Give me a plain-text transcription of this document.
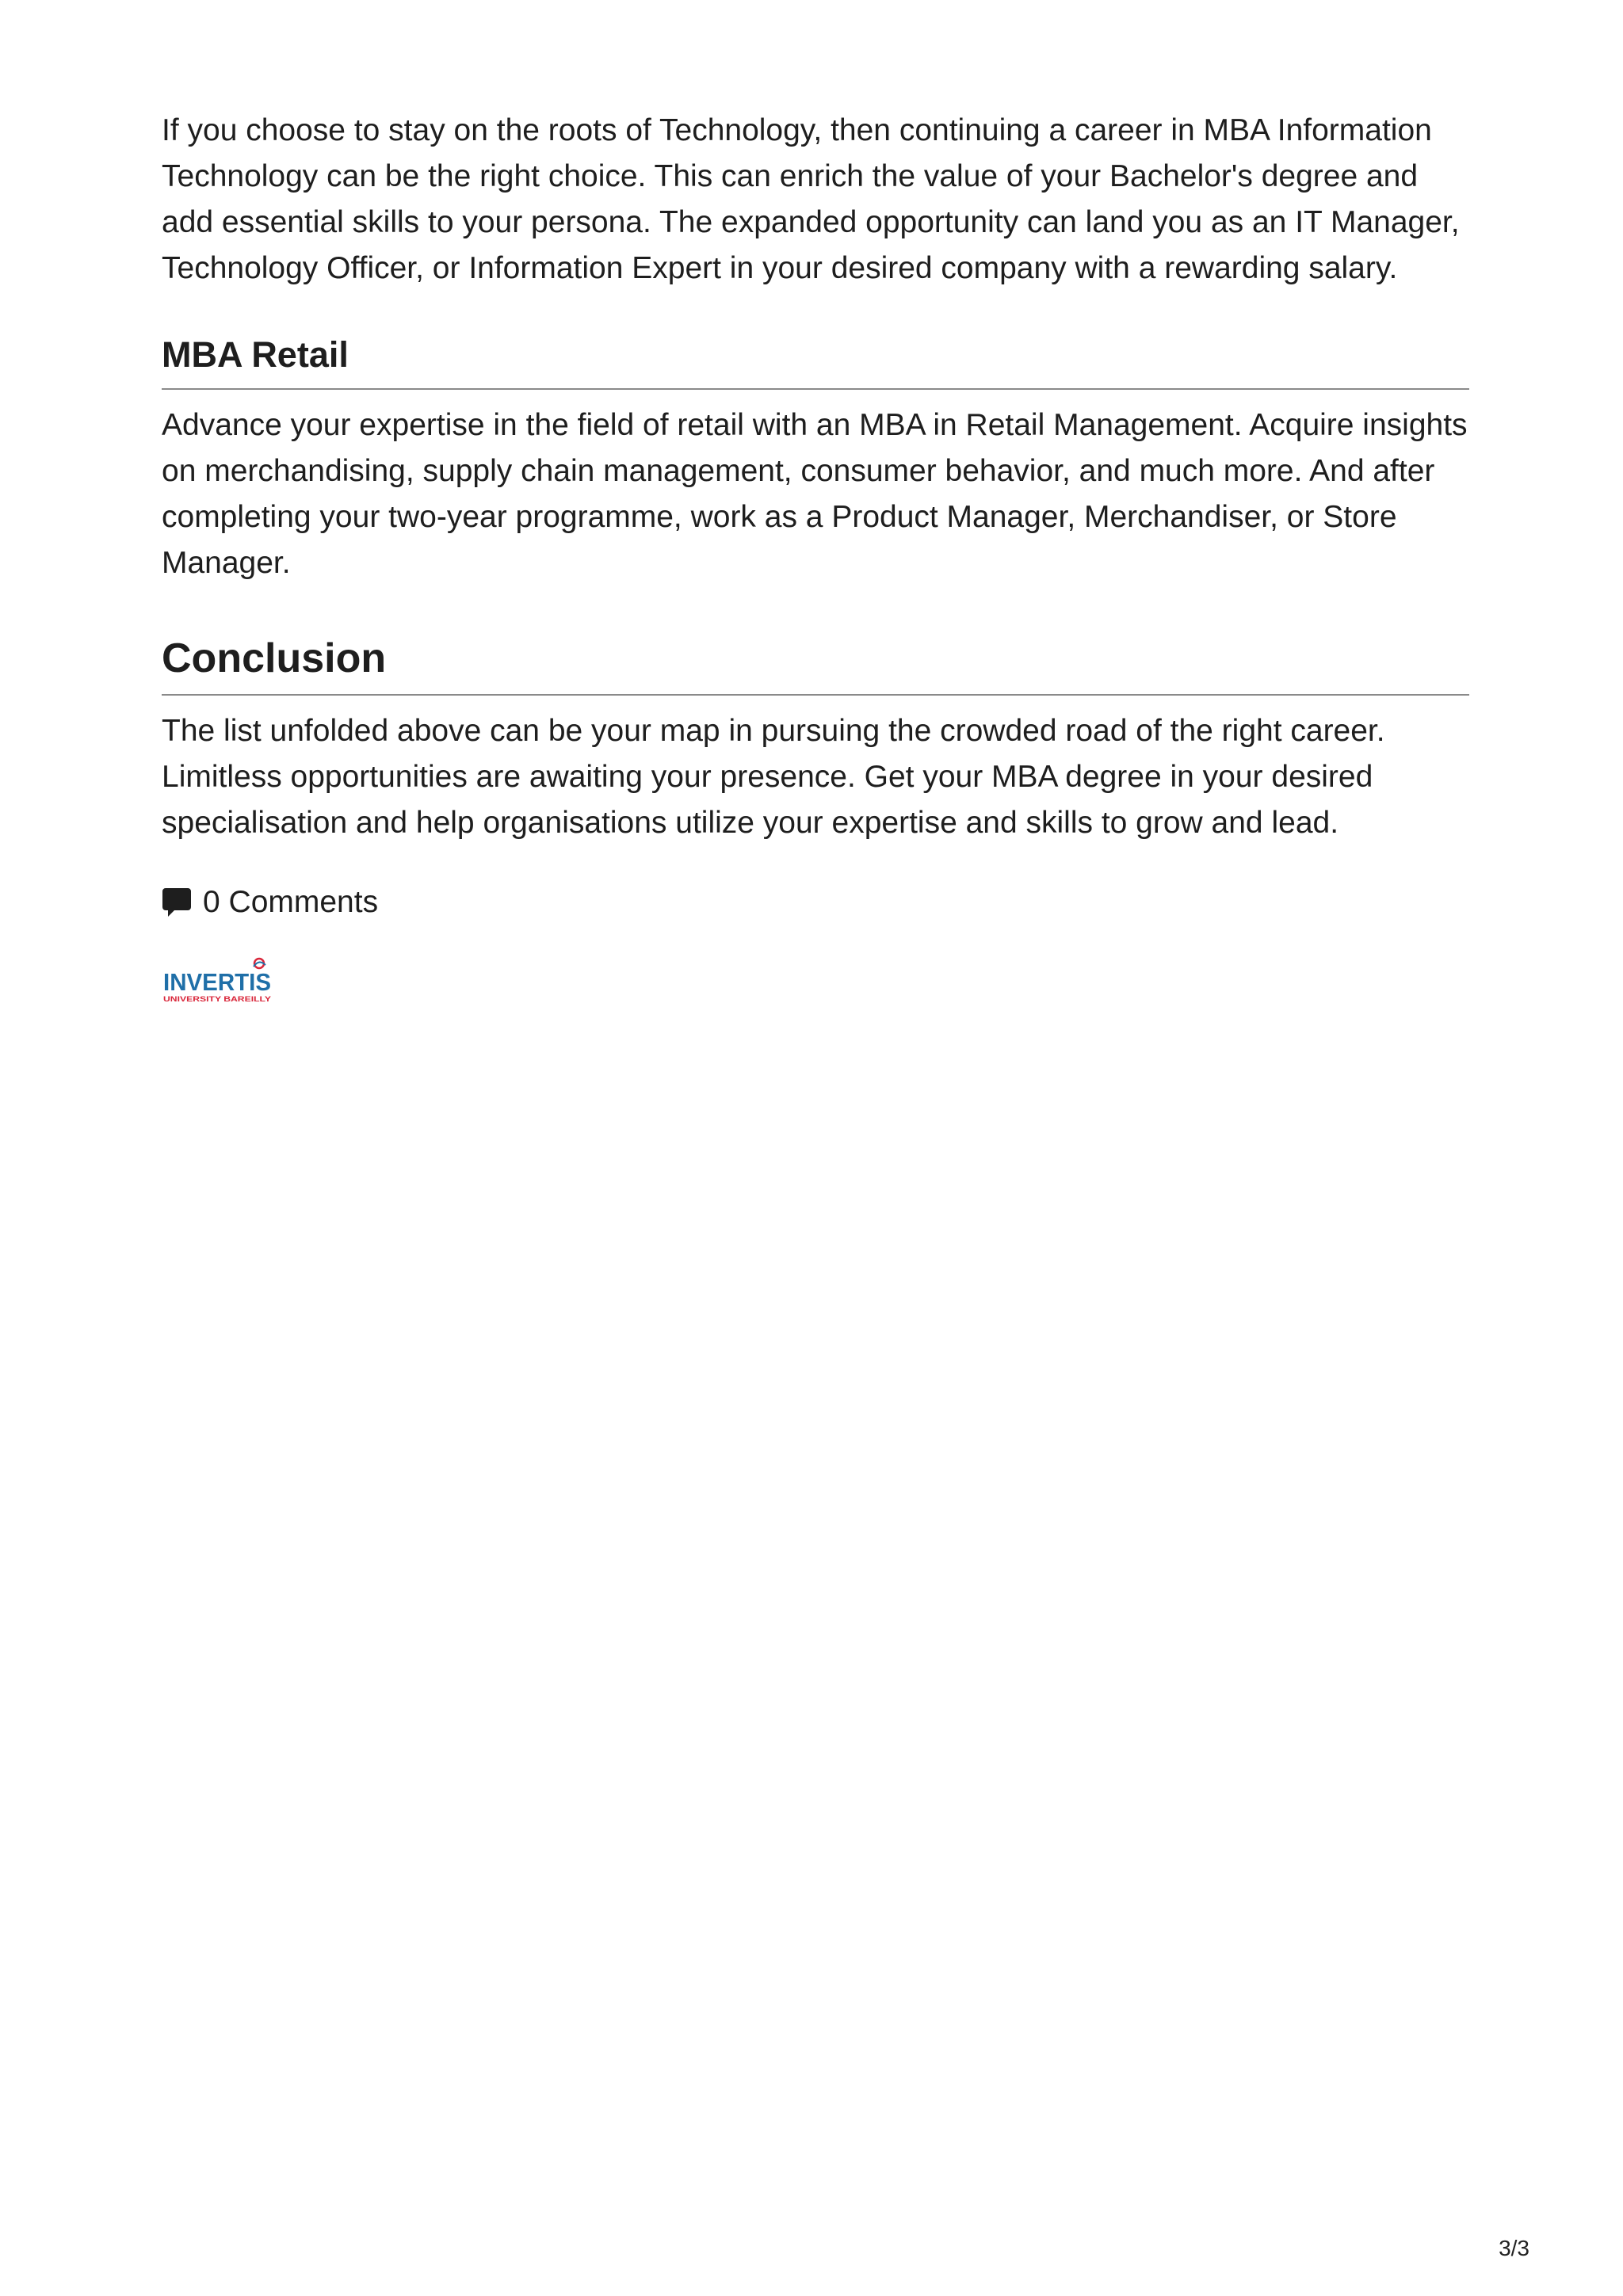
If you choose to stay on the roots of Technology, then continuing a career in MBA Information Technology can be the right choice. This can enrich the value of your Bachelor's degree and add essential skills to your persona. The expanded opportunity can land you as an IT Manager, Technology Officer, or Information Expert in your desired company with a rewarding salary.

MBA Retail

Advance your expertise in the field of retail with an MBA in Retail Management. Acquire insights on merchandising, supply chain management, consumer behavior, and much more. And after completing your two-year programme, work as a Product Manager, Merchandiser, or Store Manager.

Conclusion

The list unfolded above can be your map in pursuing the crowded road of the right career. Limitless opportunities are awaiting your presence. Get your MBA degree in your desired specialisation and help organisations utilize your expertise and skills to grow and lead.

0 Comments
INVERTIS
UNIVERSITY BAREILLY
3/3
